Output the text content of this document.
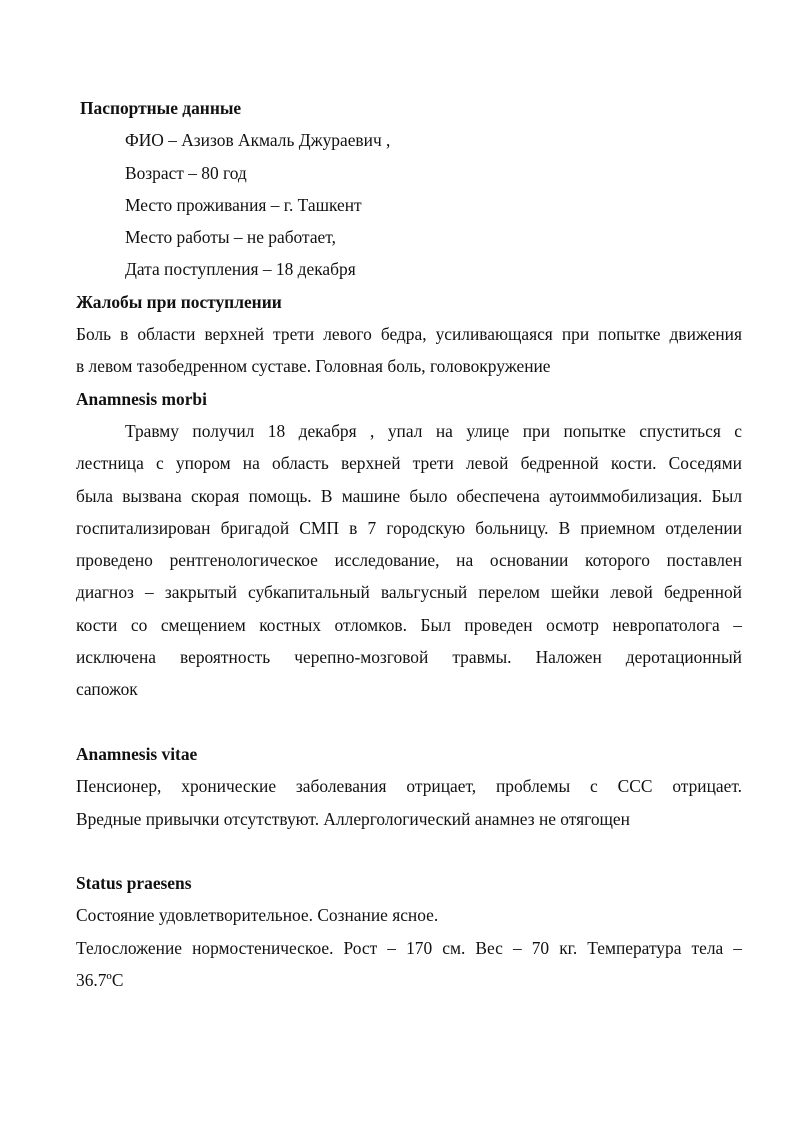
Паспортные данные

ФИО – Азизов Акмаль Джураевич ,

Возраст – 80 год

Место проживания – г. Ташкент

Место работы – не работает,

Дата поступления – 18 декабря

Жалобы при поступлении

Боль в области верхней трети левого бедра, усиливающаяся при попытке движения
в левом тазобедренном суставе. Головная боль, головокружение

Anamnesis morbi

Травму получил 18 декабря , упал на улице при попытке спуститься с
лестница с упором на область верхней трети левой бедренной кости. Соседями
была вызвана скорая помощь. В машине было обеспечена аутоиммобилизация. Был
госпитализирован бригадой СМП в 7 городскую больницу. В приемном отделении
проведено рентгенологическое исследование, на основании которого поставлен
диагноз – закрытый субкапитальный вальгусный перелом шейки левой бедренной
кости со смещением костных отломков. Был проведен осмотр невропатолога –
исключена вероятность черепно-мозговой травмы. Наложен деротационный
сапожок

Anamnesis vitae

Пенсионер, хронические заболевания отрицает, проблемы с ССС отрицает.
Вредные привычки отсутствуют. Аллергологический анамнез не отягощен

Status praesens

Состояние удовлетворительное. Сознание ясное.
Телосложение нормостеническое. Рост – 170 см. Вес – 70 кг. Температура тела –
36.7ºС
